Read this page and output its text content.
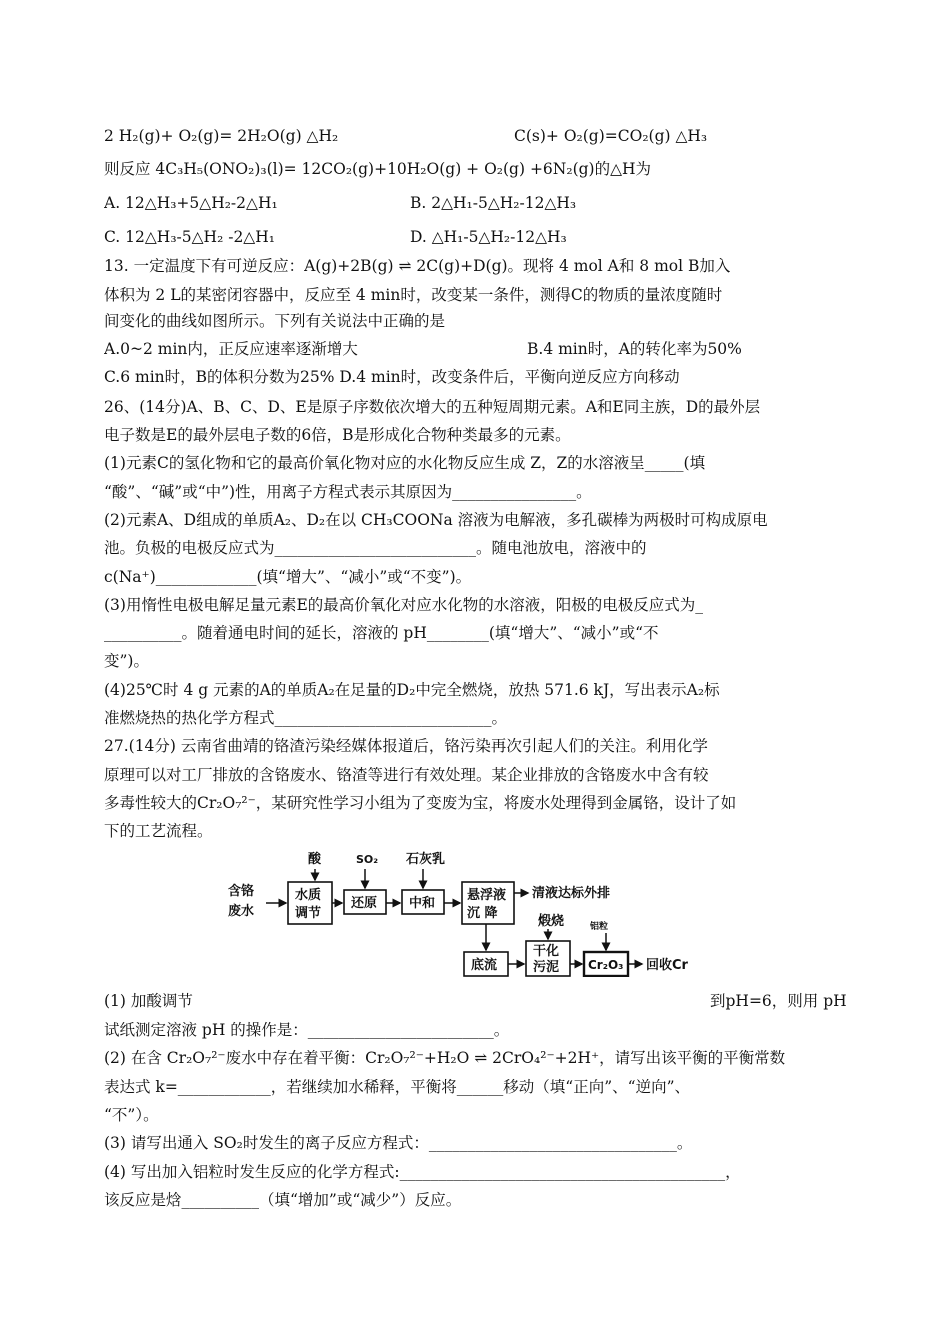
2 H₂(g)+ O₂(g)= 2H₂O(g) △H₂	C(s)+ O₂(g)=CO₂(g) △H₃
则反应 4C₃H₅(ONO₂)₃(l)= 12CO₂(g)+10H₂O(g) + O₂(g) +6N₂(g)的△H为
A. 12△H₃+5△H₂-2△H₁	B. 2△H₁-5△H₂-12△H₃
C. 12△H₃-5△H₂ -2△H₁	D. △H₁-5△H₂-12△H₃
13. 一定温度下有可逆反应：A(g)+2B(g) ⇌ 2C(g)+D(g)。现将 4 mol A和 8 mol B加入
体积为 2 L的某密闭容器中，反应至 4 min时，改变某一条件，测得C的物质的量浓度随时
间变化的曲线如图所示。下列有关说法中正确的是
A.0~2 min内，正反应速率逐渐增大	B.4 min时，A的转化率为50%
C.6 min时，B的体积分数为25% D.4 min时，改变条件后，平衡向逆反应方向移动
26、(14分)A、B、C、D、E是原子序数依次增大的五种短周期元素。A和E同主族，D的最外层
电子数是E的最外层电子数的6倍，B是形成化合物种类最多的元素。
(1)元素C的氢化物和它的最高价氧化物对应的水化物反应生成 Z，Z的水溶液呈_____(填
“酸”、“碱”或“中”)性，用离子方程式表示其原因为________________。
(2)元素A、D组成的单质A₂、D₂在以 CH₃COONa 溶液为电解液，多孔碳棒为两极时可构成原电
池。负极的电极反应式为__________________________。随电池放电，溶液中的
c(Na⁺)_____________(填“增大”、“减小”或“不变”)。
(3)用惰性电极电解足量元素E的最高价氧化对应水化物的水溶液，阳极的电极反应式为_
__________。随着通电时间的延长，溶液的 pH________(填“增大”、“减小”或“不
变”)。
(4)25℃时 4 g 元素的A的单质A₂在足量的D₂中完全燃烧，放热 571.6 kJ，写出表示A₂标
准燃烧热的热化学方程式____________________________。
27.(14分) 云南省曲靖的铬渣污染经媒体报道后，铬污染再次引起人们的关注。利用化学
原理可以对工厂排放的含铬废水、铬渣等进行有效处理。某企业排放的含铬废水中含有较
多毒性较大的Cr₂O₇²⁻，某研究性学习小组为了变废为宝，将废水处理得到金属铬，设计了如
下的工艺流程。
酸	SO₂ 石灰乳
含铬
废水
水质
调节
还原 中和
悬浮液
沉 降
清液达标外排
煅烧	铝粒
底流
干化
污泥 Cr₂O₃ 回收Cr
(1) 加酸调节	到pH=6，则用 pH
试纸测定溶液 pH 的操作是：________________________。
(2) 在含 Cr₂O₇²⁻废水中存在着平衡：Cr₂O₇²⁻+H₂O ⇌ 2CrO₄²⁻+2H⁺，请写出该平衡的平衡常数
表达式 k=____________，若继续加水稀释，平衡将______移动（填“正向”、“逆向”、
“不”）。
(3) 请写出通入 SO₂时发生的离子反应方程式：________________________________。
(4) 写出加入铝粒时发生反应的化学方程式:__________________________________________，
该反应是焓__________（填“增加”或“减少”）反应。
